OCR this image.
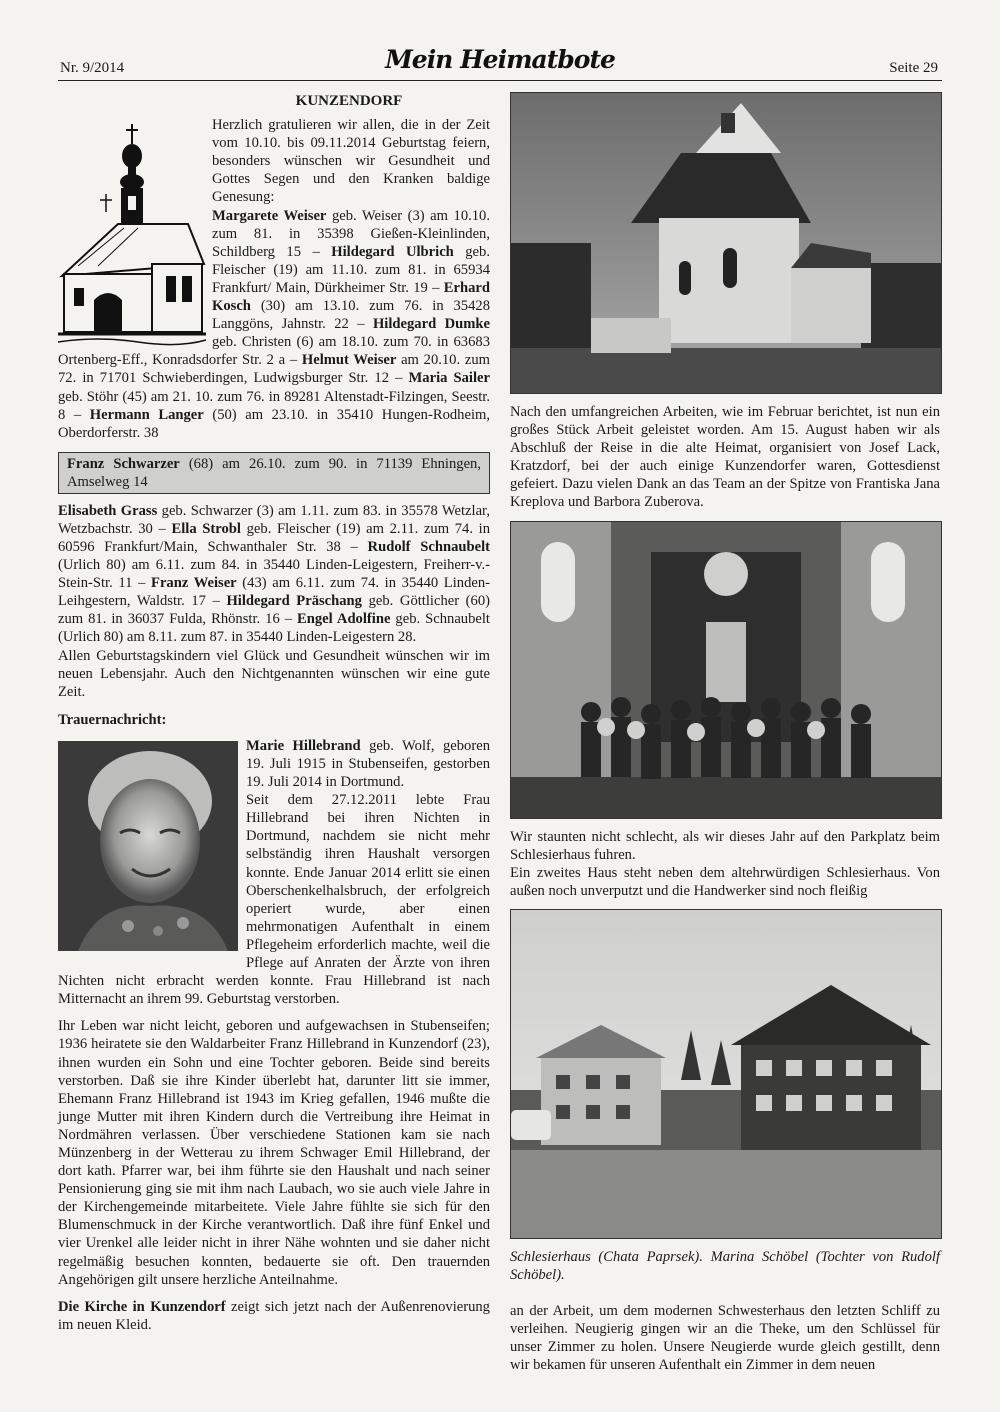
Nr. 9/2014	Mein Heimatbote	Seite 29
KUNZENDORF

Herzlich gratulieren wir allen, die in der Zeit vom 10.10. bis 09.11.2014 Geburtstag feiern, besonders wünschen wir Gesundheit und Gottes Segen und den Kranken baldige Genesung:
Margarete Weiser geb. Weiser (3) am 10.10. zum 81. in 35398 Gießen-Kleinlinden, Schildberg 15 – Hildegard Ulbrich geb. Fleischer (19) am 11.10. zum 81. in 65934 Frankfurt/ Main, Dürkheimer Str. 19 – Erhard Kosch (30) am 13.10. zum 76. in 35428 Langgöns, Jahnstr. 22 – Hildegard Dumke geb. Christen (6) am 18.10. zum 70. in 63683 Ortenberg-Eff., Konradsdorfer Str. 2 a – Helmut Weiser am 20.10. zum 72. in 71701 Schwieberdingen, Ludwigsburger Str. 12 – Maria Sailer geb. Stöhr (45) am 21. 10. zum 76. in 89281 Altenstadt-Filzingen, Seestr. 8 – Hermann Langer (50) am 23.10. in 35410 Hungen-Rodheim, Oberdorferstr. 38

Franz Schwarzer (68) am 26.10. zum 90. in 71139 Ehningen, Amselweg 14

Elisabeth Grass geb. Schwarzer (3) am 1.11. zum 83. in 35578 Wetzlar, Wetzbachstr. 30 – Ella Strobl geb. Fleischer (19) am 2.11. zum 74. in 60596 Frankfurt/Main, Schwanthaler Str. 38 – Rudolf Schnaubelt (Urlich 80) am 6.11. zum 84. in 35440 Linden-Leigestern, Freiherr-v.-Stein-Str. 11 – Franz Weiser (43) am 6.11. zum 74. in 35440 Linden-Leihgestern, Waldstr. 17 – Hildegard Präschang geb. Göttlicher (60) zum 81. in 36037 Fulda, Rhönstr. 16 – Engel Adolfine geb. Schnaubelt (Urlich 80) am 8.11. zum 87. in 35440 Linden-Leigestern 28.

Allen Geburtstagskindern viel Glück und Gesundheit wünschen wir im neuen Lebensjahr. Auch den Nichtgenannten wünschen wir eine gute Zeit.

Trauernachricht:

Marie Hillebrand geb. Wolf, geboren 19. Juli 1915 in Stubenseifen, gestorben 19. Juli 2014 in Dortmund.
Seit dem 27.12.2011 lebte Frau Hillebrand bei ihren Nichten in Dortmund, nachdem sie nicht mehr selbständig ihren Haushalt versorgen konnte. Ende Januar 2014 erlitt sie einen Oberschenkelhalsbruch, der erfolgreich operiert wurde, aber einen mehrmonatigen Aufenthalt in einem Pflegeheim erforderlich machte, weil die Pflege auf Anraten der Ärzte von ihren Nichten nicht erbracht werden konnte. Frau Hillebrand ist nach Mitternacht an ihrem 99. Geburtstag verstorben.

Ihr Leben war nicht leicht, geboren und aufgewachsen in Stubenseifen; 1936 heiratete sie den Waldarbeiter Franz Hillebrand in Kunzendorf (23), ihnen wurden ein Sohn und eine Tochter geboren. Beide sind bereits verstorben. Daß sie ihre Kinder überlebt hat, darunter litt sie immer, Ehemann Franz Hillebrand ist 1943 im Krieg gefallen, 1946 mußte die junge Mutter mit ihren Kindern durch die Vertreibung ihre Heimat in Nordmähren verlassen. Über verschiedene Stationen kam sie nach Münzenberg in der Wetterau zu ihrem Schwager Emil Hillebrand, der dort kath. Pfarrer war, bei ihm führte sie den Haushalt und nach seiner Pensionierung ging sie mit ihm nach Laubach, wo sie auch viele Jahre in der Kirchengemeinde mitarbeitete. Viele Jahre fühlte sie sich für den Blumenschmuck in der Kirche verantwortlich. Daß ihre fünf Enkel und vier Urenkel alle leider nicht in ihrer Nähe wohnten und sie daher nicht regelmäßig besuchen konnten, bedauerte sie oft. Den trauernden Angehörigen gilt unsere herzliche Anteilnahme.

Die Kirche in Kunzendorf zeigt sich jetzt nach der Außenrenovierung im neuen Kleid.

Nach den umfangreichen Arbeiten, wie im Februar berichtet, ist nun ein großes Stück Arbeit geleistet worden. Am 15. August haben wir als Abschluß der Reise in die alte Heimat, organisiert von Josef Lack, Kratzdorf, bei der auch einige Kunzendorfer waren, Gottesdienst gefeiert. Dazu vielen Dank an das Team an der Spitze von Frantiska Jana Kreplova und Barbora Zuberova.

Wir staunten nicht schlecht, als wir dieses Jahr auf den Parkplatz beim Schlesierhaus fuhren.

Ein zweites Haus steht neben dem altehrwürdigen Schlesierhaus. Von außen noch unverputzt und die Handwerker sind noch fleißig

Schlesierhaus (Chata Paprsek). Marina Schöbel (Tochter von Rudolf Schöbel).

an der Arbeit, um dem modernen Schwesterhaus den letzten Schliff zu verleihen. Neugierig gingen wir an die Theke, um den Schlüssel für unser Zimmer zu holen. Unsere Neugierde wurde gleich gestillt, denn wir bekamen für unseren Aufenthalt ein Zimmer in dem neuen
